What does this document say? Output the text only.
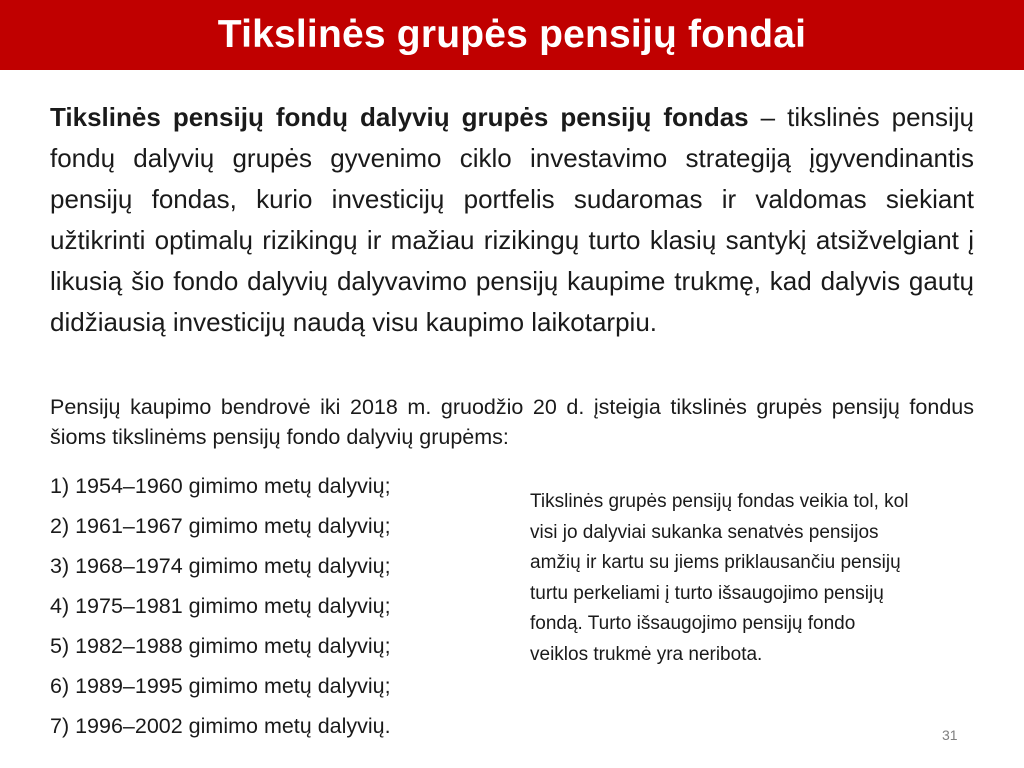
Tikslinės grupės pensijų fondai

Tikslinės pensijų fondų dalyvių grupės pensijų fondas – tikslinės pensijų fondų dalyvių grupės gyvenimo ciklo investavimo strategiją įgyvendinantis pensijų fondas, kurio investicijų portfelis sudaromas ir valdomas siekiant užtikrinti optimalų rizikingų ir mažiau rizikingų turto klasių santykį atsižvelgiant į likusią šio fondo dalyvių dalyvavimo pensijų kaupime trukmę, kad dalyvis gautų didžiausią investicijų naudą visu kaupimo laikotarpiu.

Pensijų kaupimo bendrovė iki 2018 m. gruodžio 20 d. įsteigia tikslinės grupės pensijų fondus šioms tikslinėms pensijų fondo dalyvių grupėms:

1) 1954–1960 gimimo metų dalyvių;
2) 1961–1967 gimimo metų dalyvių;
3) 1968–1974 gimimo metų dalyvių;
4) 1975–1981 gimimo metų dalyvių;
5) 1982–1988 gimimo metų dalyvių;
6) 1989–1995 gimimo metų dalyvių;
7) 1996–2002 gimimo metų dalyvių.

Tikslinės grupės pensijų fondas veikia tol, kol visi jo dalyviai sukanka senatvės pensijos amžių ir kartu su jiems priklausančiu pensijų turtu perkeliami į turto išsaugojimo pensijų fondą. Turto išsaugojimo pensijų fondo veiklos trukmė yra neribota.

31
